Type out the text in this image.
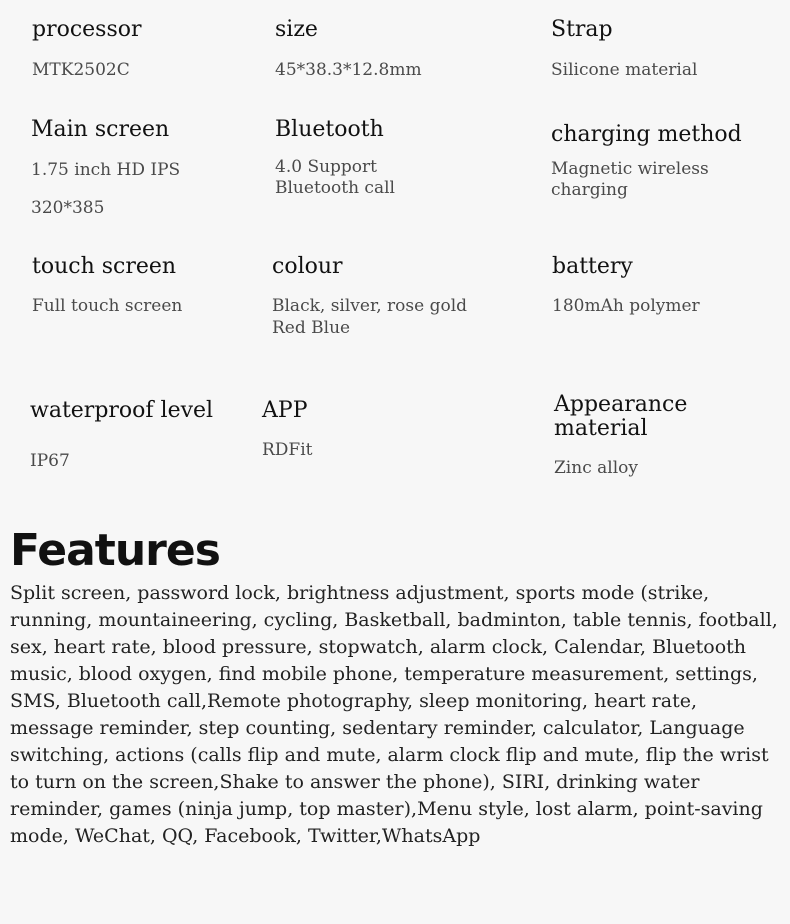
processor
MTK2502C
size
45*38.3*12.8mm
Strap
Silicone material
Main screen
1.75 inch HD IPS
320*385
Bluetooth
4.0 Support
Bluetooth call
charging method
Magnetic wireless
charging
touch screen
Full touch screen
colour
Black, silver, rose gold
Red Blue
battery
180mAh polymer
waterproof level
IP67
APP
RDFit
Appearance
material
Zinc alloy
Features
Split screen, password lock, brightness adjustment, sports mode (strike, running, mountaineering, cycling, Basketball, badminton, table tennis, football, sex, heart rate, blood pressure, stopwatch, alarm clock, Calendar, Bluetooth music, blood oxygen, find mobile phone, temperature measurement, settings, SMS, Bluetooth call,Remote photography, sleep monitoring, heart rate, message reminder, step counting, sedentary reminder, calculator, Language switching, actions (calls flip and mute, alarm clock flip and mute, flip the wrist to turn on the screen,Shake to answer the phone), SIRI, drinking water reminder, games (ninja jump, top master),Menu style, lost alarm, point-saving mode, WeChat, QQ, Facebook, Twitter,WhatsApp
